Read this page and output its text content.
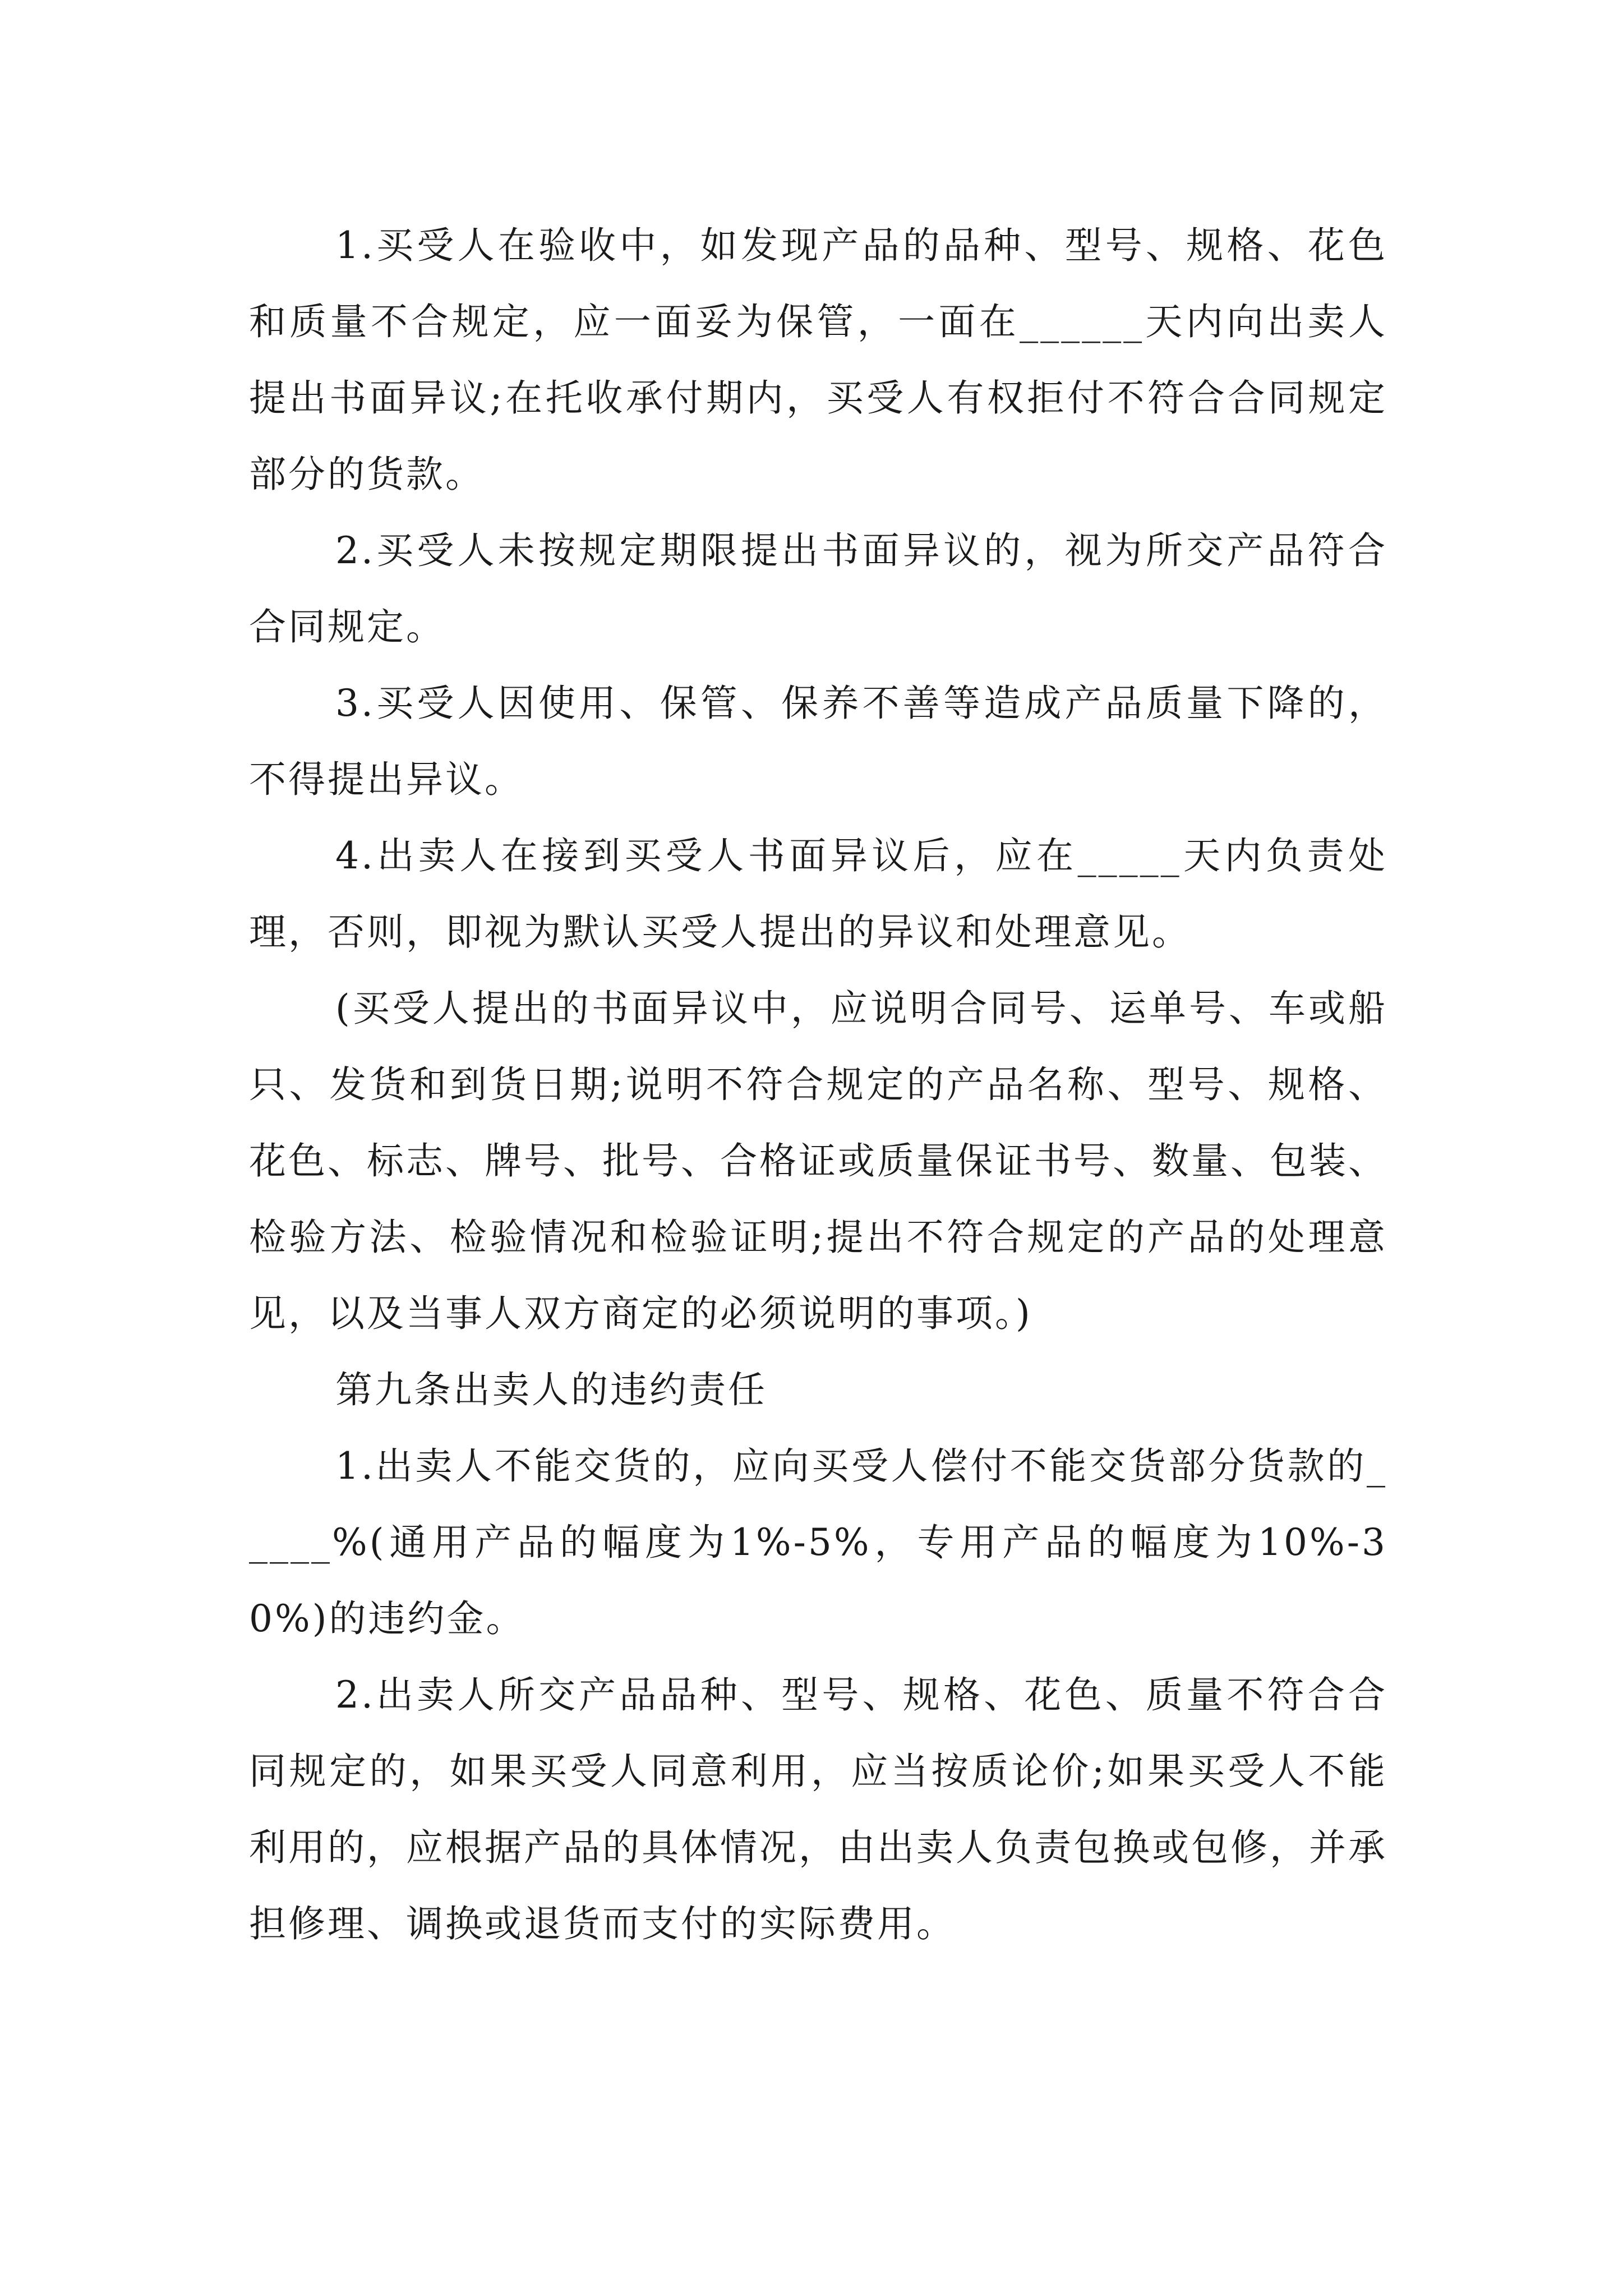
1.买受人在验收中，如发现产品的品种、型号、规格、花色和质量不合规定，应一面妥为保管，一面在______天内向出卖人提出书面异议;在托收承付期内，买受人有权拒付不符合合同规定部分的货款。

2.买受人未按规定期限提出书面异议的，视为所交产品符合合同规定。

3.买受人因使用、保管、保养不善等造成产品质量下降的，不得提出异议。

4.出卖人在接到买受人书面异议后，应在_____天内负责处理，否则，即视为默认买受人提出的异议和处理意见。

(买受人提出的书面异议中，应说明合同号、运单号、车或船只、发货和到货日期;说明不符合规定的产品名称、型号、规格、花色、标志、牌号、批号、合格证或质量保证书号、数量、包装、检验方法、检验情况和检验证明;提出不符合规定的产品的处理意见，以及当事人双方商定的必须说明的事项。)

第九条出卖人的违约责任

1.出卖人不能交货的，应向买受人偿付不能交货部分货款的_____%(通用产品的幅度为1%-5%，专用产品的幅度为10%-30%)的违约金。

2.出卖人所交产品品种、型号、规格、花色、质量不符合合同规定的，如果买受人同意利用，应当按质论价;如果买受人不能利用的，应根据产品的具体情况，由出卖人负责包换或包修，并承担修理、调换或退货而支付的实际费用。
